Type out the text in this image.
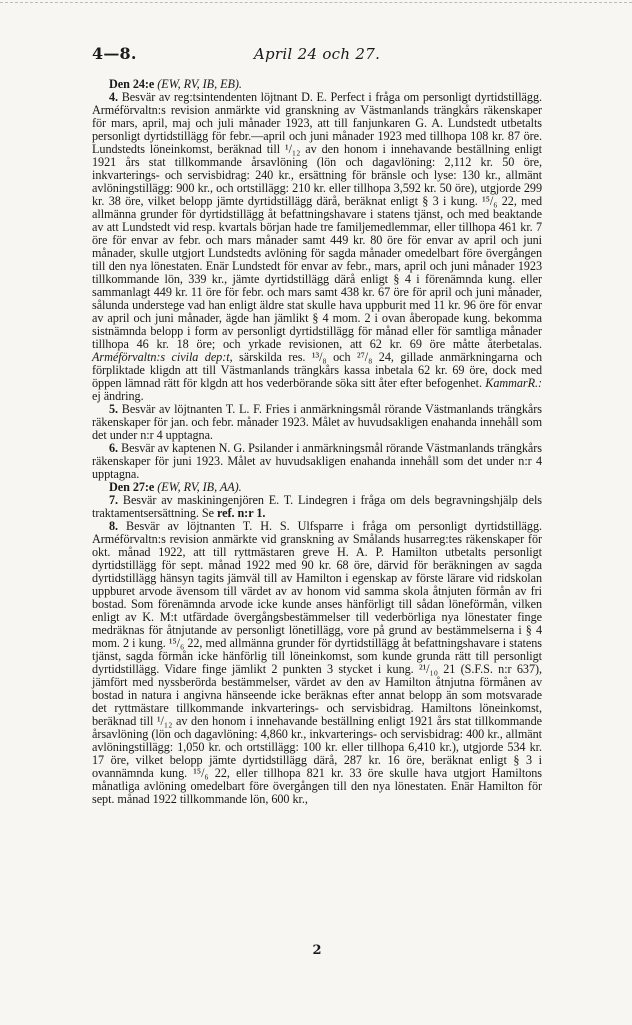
4—8.	April 24 och 27.

Den 24:e (EW, RV, IB, EB).

4. Besvär av reg:tsintendenten löjtnant D. E. Perfect i fråga om personligt dyrtidstillägg. Arméförvaltn:s revision anmärkte vid granskning av Västmanlands trängkårs räkenskaper för mars, april, maj och juli månader 1923, att till fanjunkaren G. A. Lundstedt utbetalts personligt dyrtidstillägg för febr.—april och juni månader 1923 med tillhopa 108 kr. 87 öre. Lundstedts löneinkomst, beräknad till ¹/₁₂ av den honom i innehavande beställning enligt 1921 års stat tillkommande årsavlöning (lön och dagavlöning: 2,112 kr. 50 öre, inkvarterings- och servisbidrag: 240 kr., ersättning för bränsle och lyse: 130 kr., allmänt avlöningstillägg: 900 kr., och ortstillägg: 210 kr. eller tillhopa 3,592 kr. 50 öre), utgjorde 299 kr. 38 öre, vilket belopp jämte dyrtidstillägg därå, beräknat enligt § 3 i kung. ¹⁵/₆ 22, med allmänna grunder för dyrtidstillägg åt befattningshavare i statens tjänst, och med beaktande av att Lundstedt vid resp. kvartals början hade tre familjemedlemmar, eller tillhopa 461 kr. 7 öre för envar av febr. och mars månader samt 449 kr. 80 öre för envar av april och juni månader, skulle utgjort Lundstedts avlöning för sagda månader omedelbart före övergången till den nya lönestaten. Enär Lundstedt för envar av febr., mars, april och juni månader 1923 tillkommande lön, 339 kr., jämte dyrtidstillägg därå enligt § 4 i förenämnda kung. eller sammanlagt 449 kr. 11 öre för febr. och mars samt 438 kr. 67 öre för april och juni månader, sålunda understege vad han enligt äldre stat skulle hava uppburit med 11 kr. 96 öre för envar av april och juni månader, ägde han jämlikt § 4 mom. 2 i ovan åberopade kung. bekomma sistnämnda belopp i form av personligt dyrtidstillägg för månad eller för samtliga månader tillhopa 46 kr. 18 öre; och yrkade revisionen, att 62 kr. 69 öre måtte återbetalas. Arméförvaltn:s civila dep:t, särskilda res. ¹³/₈ och ²⁷/₈ 24, gillade anmärkningarna och förpliktade kligdn att till Västmanlands trängkårs kassa inbetala 62 kr. 69 öre, dock med öppen lämnad rätt för klgdn att hos vederbörande söka sitt åter efter befogenhet. KammarR.: ej ändring.

5. Besvär av löjtnanten T. L. F. Fries i anmärkningsmål rörande Västmanlands trängkårs räkenskaper för jan. och febr. månader 1923. Målet av huvudsakligen enahanda innehåll som det under n:r 4 upptagna.

6. Besvär av kaptenen N. G. Psilander i anmärkningsmål rörande Västmanlands trängkårs räkenskaper för juni 1923. Målet av huvudsakligen enahanda innehåll som det under n:r 4 upptagna.

Den 27:e (EW, RV, IB, AA).

7. Besvär av maskiningenjören E. T. Lindegren i fråga om dels begravningshjälp dels traktamentsersättning. Se ref. n:r 1.

8. Besvär av löjtnanten T. H. S. Ulfsparre i fråga om personligt dyrtidstillägg. Arméförvaltn:s revision anmärkte vid granskning av Smålands husarreg:tes räkenskaper för okt. månad 1922, att till ryttmästaren greve H. A. P. Hamilton utbetalts personligt dyrtidstillägg för sept. månad 1922 med 90 kr. 68 öre, därvid för beräkningen av sagda dyrtidstillägg hänsyn tagits jämväl till av Hamilton i egenskap av förste lärare vid ridskolan uppburet arvode ävensom till värdet av av honom vid samma skola åtnjuten förmån av fri bostad. Som förenämnda arvode icke kunde anses hänförligt till sådan löneförmån, vilken enligt av K. M:t utfärdade övergångsbestämmelser till vederbörliga nya lönestater finge medräknas för åtnjutande av personligt lönetillägg, vore på grund av bestämmelserna i § 4 mom. 2 i kung. ¹⁵/₆ 22, med allmänna grunder för dyrtidstillägg åt befattningshavare i statens tjänst, sagda förmån icke hänförlig till löneinkomst, som kunde grunda rätt till personligt dyrtidstillägg. Vidare finge jämlikt 2 punkten 3 stycket i kung. ²¹/₁₀ 21 (S.F.S. n:r 637), jämfört med nyssberörda bestämmelser, värdet av den av Hamilton åtnjutna förmånen av bostad in natura i angivna hänseende icke beräknas efter annat belopp än som motsvarade det ryttmästare tillkommande inkvarterings- och servisbidrag. Hamiltons löneinkomst, beräknad till ¹/₁₂ av den honom i innehavande beställning enligt 1921 års stat tillkommande årsavlöning (lön och dagavlöning: 4,860 kr., inkvarterings- och servisbidrag: 400 kr., allmänt avlöningstillägg: 1,050 kr. och ortstillägg: 100 kr. eller tillhopa 6,410 kr.), utgjorde 534 kr. 17 öre, vilket belopp jämte dyrtidstillägg därå, 287 kr. 16 öre, beräknat enligt § 3 i ovannämnda kung. ¹⁵/₆ 22, eller tillhopa 821 kr. 33 öre skulle hava utgjort Hamiltons månatliga avlöning omedelbart före övergången till den nya lönestaten. Enär Hamilton för sept. månad 1922 tillkommande lön, 600 kr.,

2
